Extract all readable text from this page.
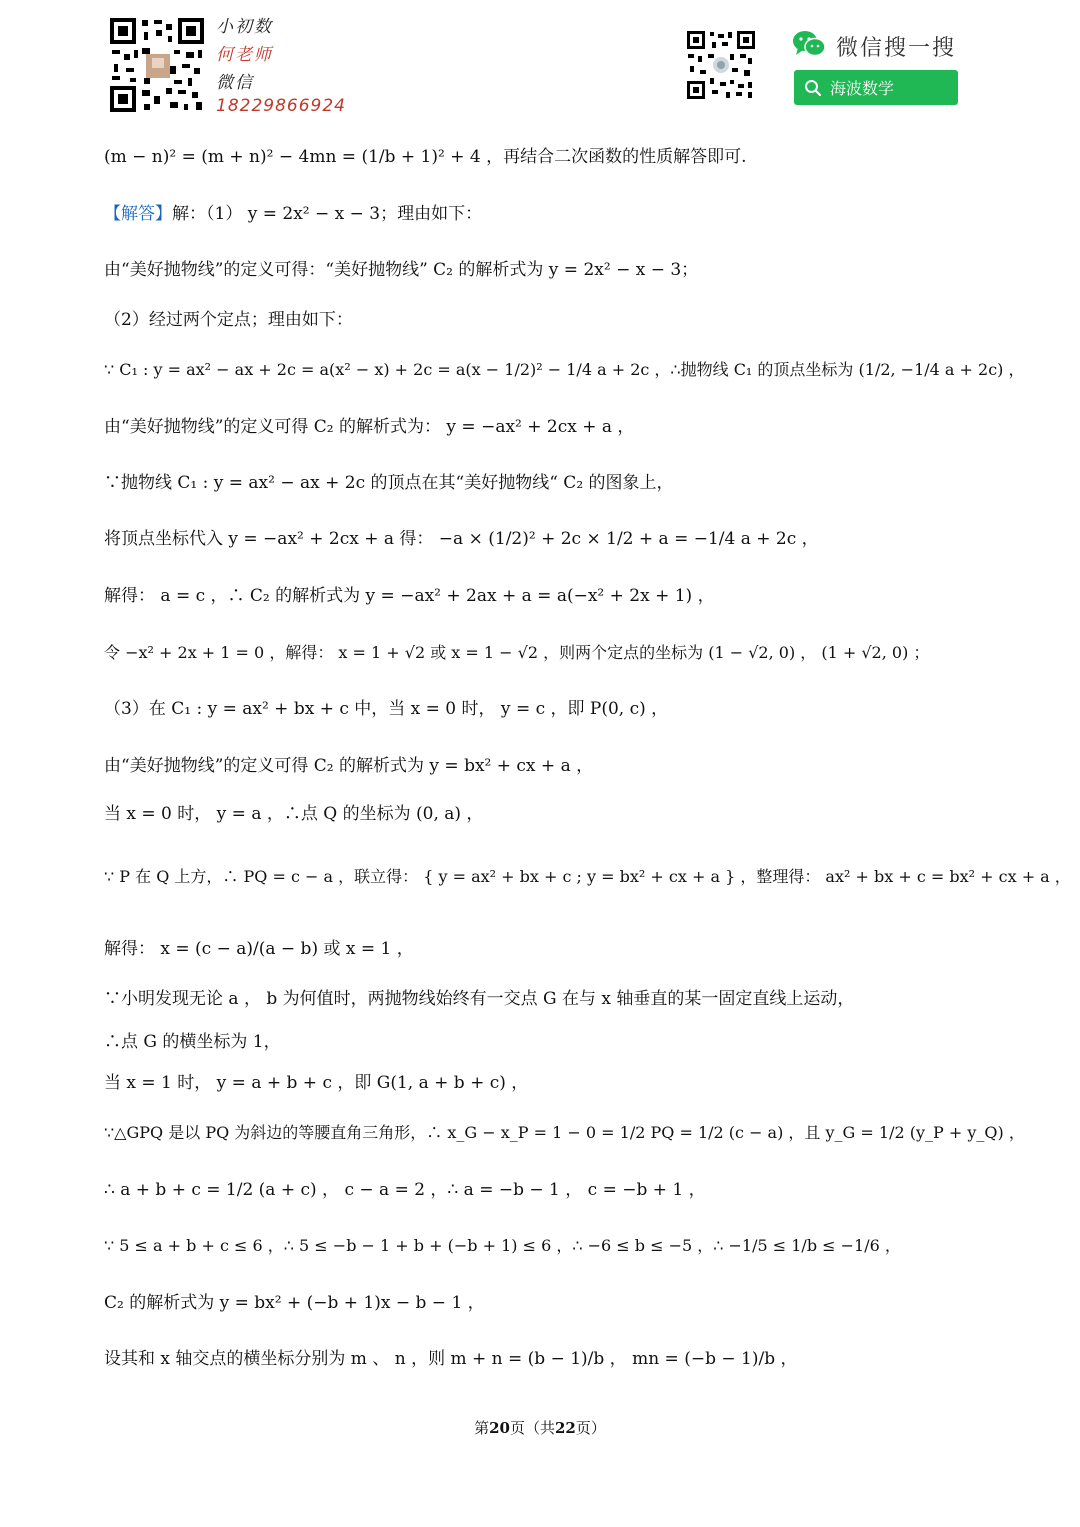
小初数
何老师
微信
18229866924
微信搜一搜
海波数学
(m − n)² = (m + n)² − 4mn = (1/b + 1)² + 4 ，再结合二次函数的性质解答即可.
【解答】解：（1） y = 2x² − x − 3；理由如下：
由“美好抛物线”的定义可得：“美好抛物线” C₂ 的解析式为 y = 2x² − x − 3；
（2）经过两个定点；理由如下：
∵ C₁ : y = ax² − ax + 2c = a(x² − x) + 2c = a(x − 1/2)² − 1/4 a + 2c ，∴抛物线 C₁ 的顶点坐标为 (1/2, −1/4 a + 2c) ，
由“美好抛物线”的定义可得 C₂ 的解析式为： y = −ax² + 2cx + a ，
∵抛物线 C₁ : y = ax² − ax + 2c 的顶点在其“美好抛物线“ C₂ 的图象上，
将顶点坐标代入 y = −ax² + 2cx + a 得： −a × (1/2)² + 2c × 1/2 + a = −1/4 a + 2c ，
解得： a = c ，∴ C₂ 的解析式为 y = −ax² + 2ax + a = a(−x² + 2x + 1) ，
令 −x² + 2x + 1 = 0 ，解得： x = 1 + √2 或 x = 1 − √2 ，则两个定点的坐标为 (1 − √2, 0) ， (1 + √2, 0) ；
（3）在 C₁ : y = ax² + bx + c 中，当 x = 0 时， y = c ，即 P(0, c) ，
由“美好抛物线”的定义可得 C₂ 的解析式为 y = bx² + cx + a ，
当 x = 0 时， y = a ，∴点 Q 的坐标为 (0, a) ，
∵ P 在 Q 上方，∴ PQ = c − a ，联立得： { y = ax² + bx + c ; y = bx² + cx + a } ，整理得： ax² + bx + c = bx² + cx + a ，
解得： x = (c − a)/(a − b) 或 x = 1 ，
∵小明发现无论 a ， b 为何值时，两抛物线始终有一交点 G 在与 x 轴垂直的某一固定直线上运动，
∴点 G 的横坐标为 1，
当 x = 1 时， y = a + b + c ，即 G(1, a + b + c) ，
∵△GPQ 是以 PQ 为斜边的等腰直角三角形，∴ x_G − x_P = 1 − 0 = 1/2 PQ = 1/2 (c − a) ，且 y_G = 1/2 (y_P + y_Q) ，
∴ a + b + c = 1/2 (a + c) ， c − a = 2 ，∴ a = −b − 1 ， c = −b + 1 ，
∵ 5 ≤ a + b + c ≤ 6 ，∴ 5 ≤ −b − 1 + b + (−b + 1) ≤ 6 ，∴ −6 ≤ b ≤ −5 ，∴ −1/5 ≤ 1/b ≤ −1/6 ，
C₂ 的解析式为 y = bx² + (−b + 1)x − b − 1 ，
设其和 x 轴交点的横坐标分别为 m 、 n ，则 m + n = (b − 1)/b ， mn = (−b − 1)/b ，
第20页（共22页）
